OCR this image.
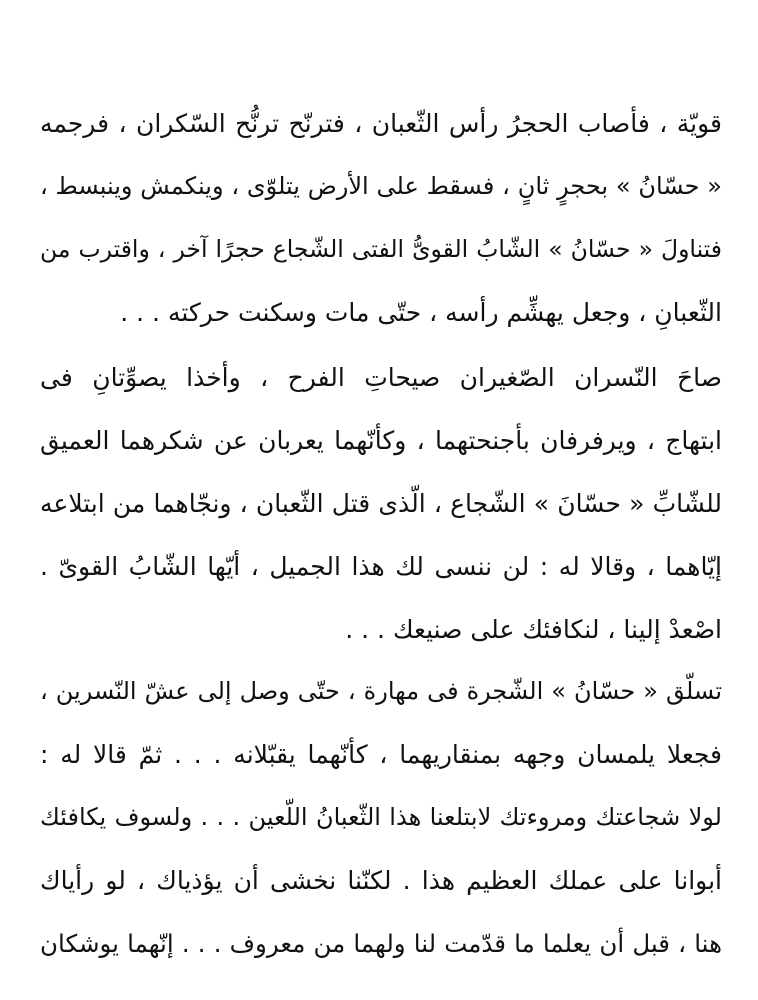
قويّة ، فأصاب الحجرُ رأس الثّعبان ، فترنّح ترنُّح السّكران ، فرجمه
« حسّانُ » بحجرٍ ثانٍ ، فسقط على الأرض يتلوّى ، وينكمش وينبسط ،
فتناولَ « حسّانُ » الشّابُ القوىُّ الفتى الشّجاع حجرًا آخر ، واقترب من
الثّعبانِ ، وجعل يهشِّم رأسه ، حتّى مات وسكنت حركته . . .
صاحَ النّسران الصّغيران صيحاتِ الفرح ، وأخذا يصوِّتانِ فى
ابتهاج ، ويرفرفان بأجنحتهما ، وكأنّهما يعربان عن شكرهما العميق
للشّابِّ « حسّانَ » الشّجاع ، الّذى قتل الثّعبان ، ونجّاهما من ابتلاعه
إيّاهما ، وقالا له : لن ننسى لك هذا الجميل ، أيّها الشّابُ القوىّ .
اصْعدْ إلينا ، لنكافئك على صنيعك . . .
تسلّق « حسّانُ » الشّجرة فى مهارة ، حتّى وصل إلى عشّ النّسرين ،
فجعلا يلمسان وجهه بمنقاريهما ، كأنّهما يقبّلانه . . . ثمّ قالا له :
لولا شجاعتك ومروءتك لابتلعنا هذا الثّعبانُ اللّعين . . . ولسوف يكافئك
أبوانا على عملك العظيم هذا . لكنّنا نخشى أن يؤذياك ، لو رأياك
هنا ، قبل أن يعلما ما قدّمت لنا ولهما من معروف . . . إنّهما يوشكان
